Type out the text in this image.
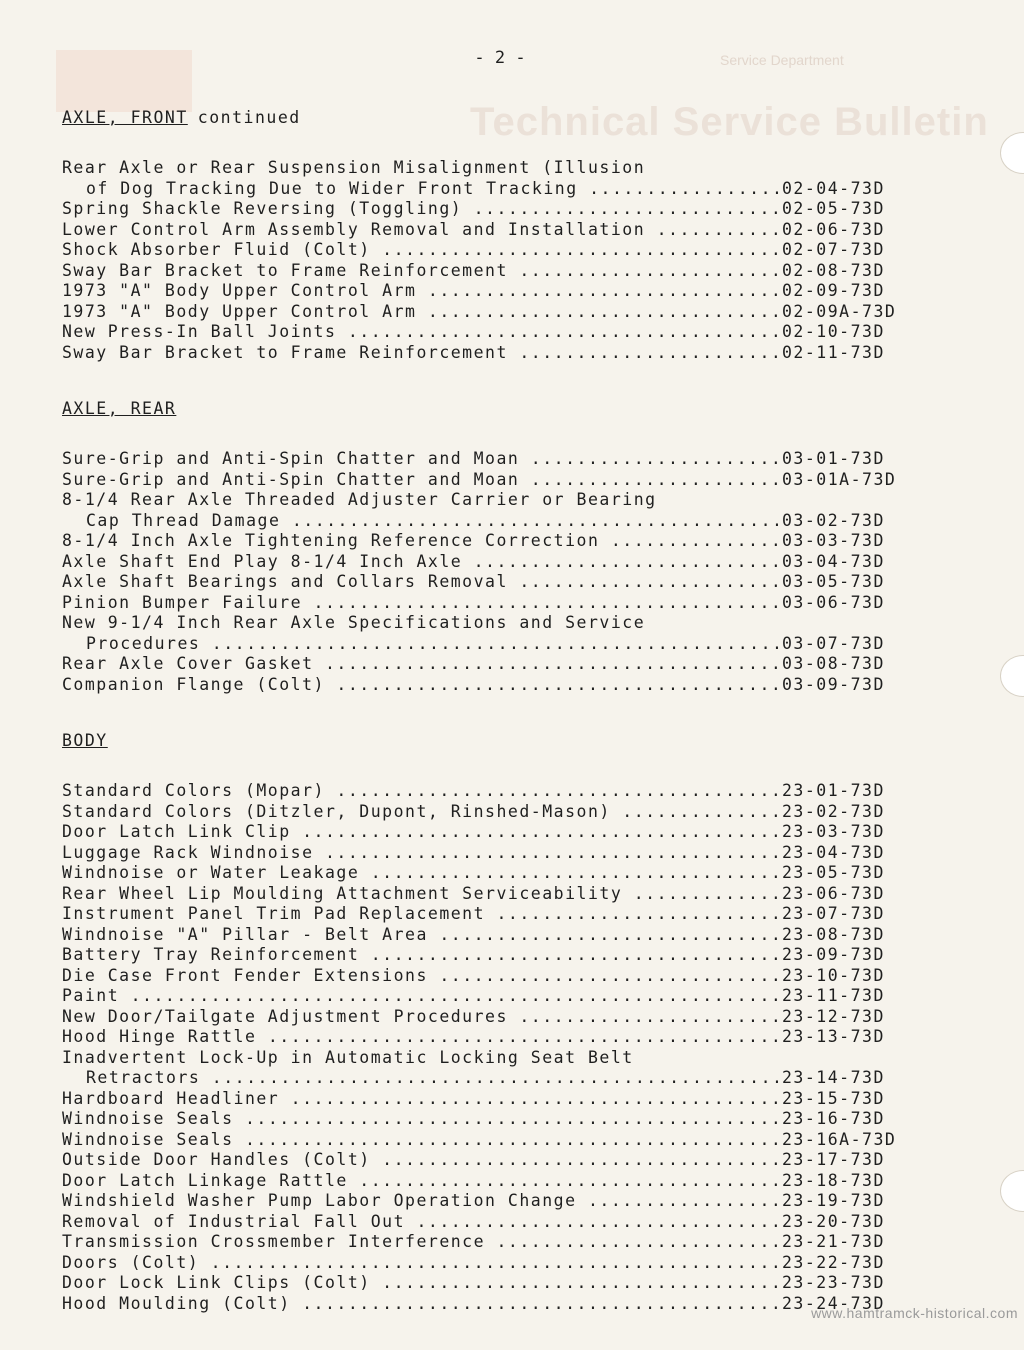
Service Department
Technical Service Bulletin
- 2 -
AXLE, FRONT continued
Rear Axle or Rear Suspension Misalignment (Illusion
of Dog Tracking Due to Wider Front Tracking .....	02-04-73D
Spring Shackle Reversing (Toggling) .....	02-05-73D
Lower Control Arm Assembly Removal and Installation .....	02-06-73D
Shock Absorber Fluid (Colt) .....	02-07-73D
Sway Bar Bracket to Frame Reinforcement .....	02-08-73D
1973 "A" Body Upper Control Arm .....	02-09-73D
1973 "A" Body Upper Control Arm .....	02-09A-73D
New Press-In Ball Joints .....	02-10-73D
Sway Bar Bracket to Frame Reinforcement .....	02-11-73D
AXLE, REAR
Sure-Grip and Anti-Spin Chatter and Moan .....	03-01-73D
Sure-Grip and Anti-Spin Chatter and Moan .....	03-01A-73D
8-1/4 Rear Axle Threaded Adjuster Carrier or Bearing
Cap Thread Damage .....	03-02-73D
8-1/4 Inch Axle Tightening Reference Correction .....	03-03-73D
Axle Shaft End Play 8-1/4 Inch Axle .....	03-04-73D
Axle Shaft Bearings and Collars Removal .....	03-05-73D
Pinion Bumper Failure .....	03-06-73D
New 9-1/4 Inch Rear Axle Specifications and Service
Procedures .....	03-07-73D
Rear Axle Cover Gasket .....	03-08-73D
Companion Flange (Colt) .....	03-09-73D
BODY
Standard Colors (Mopar) .....	23-01-73D
Standard Colors (Ditzler, Dupont, Rinshed-Mason) .....	23-02-73D
Door Latch Link Clip .....	23-03-73D
Luggage Rack Windnoise .....	23-04-73D
Windnoise or Water Leakage .....	23-05-73D
Rear Wheel Lip Moulding Attachment Serviceability .....	23-06-73D
Instrument Panel Trim Pad Replacement .....	23-07-73D
Windnoise "A" Pillar - Belt Area .....	23-08-73D
Battery Tray Reinforcement .....	23-09-73D
Die Case Front Fender Extensions .....	23-10-73D
Paint .....	23-11-73D
New Door/Tailgate Adjustment Procedures .....	23-12-73D
Hood Hinge Rattle .....	23-13-73D
Inadvertent Lock-Up in Automatic Locking Seat Belt
Retractors .....	23-14-73D
Hardboard Headliner .....	23-15-73D
Windnoise Seals .....	23-16-73D
Windnoise Seals .....	23-16A-73D
Outside Door Handles (Colt) .....	23-17-73D
Door Latch Linkage Rattle .....	23-18-73D
Windshield Washer Pump Labor Operation Change .....	23-19-73D
Removal of Industrial Fall Out .....	23-20-73D
Transmission Crossmember Interference .....	23-21-73D
Doors (Colt) .....	23-22-73D
Door Lock Link Clips (Colt) .....	23-23-73D
Hood Moulding (Colt) .....	23-24-73D
www.hamtramck-historical.com
